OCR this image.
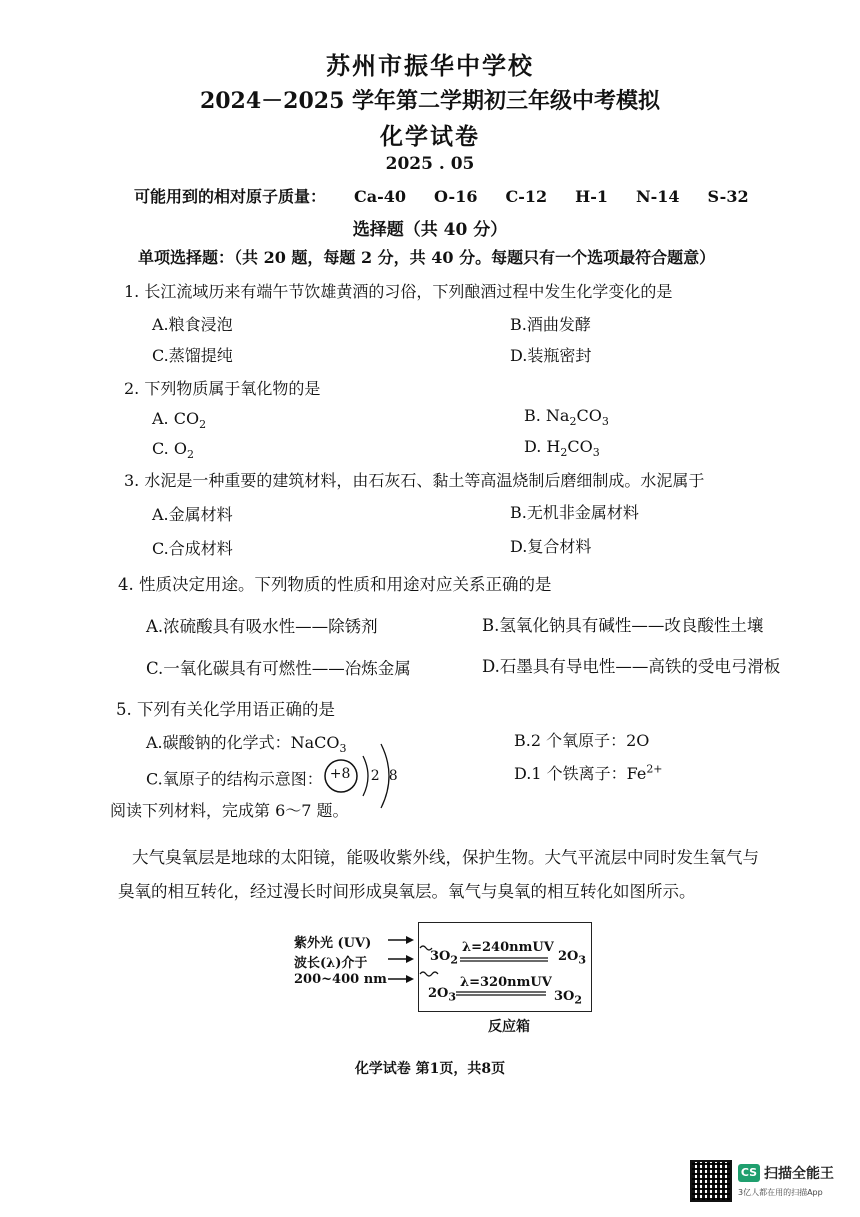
苏州市振华中学校
2024－2025 学年第二学期初三年级中考模拟
化学试卷
2025 . 05
可能用到的相对原子质量： Ca-40 O-16 C-12 H-1 N-14 S-32
选择题（共 40 分）
单项选择题：（共 20 题，每题 2 分，共 40 分。每题只有一个选项最符合题意）
1. 长江流域历来有端午节饮雄黄酒的习俗，下列酿酒过程中发生化学变化的是
A.粮食浸泡	B.酒曲发酵
C.蒸馏提纯	D.装瓶密封
2. 下列物质属于氧化物的是
A. $CO_2$	B. $Na_2CO_3$
C. $O_2$	D. $H_2CO_3$
3. 水泥是一种重要的建筑材料，由石灰石、黏土等高温烧制后磨细制成。水泥属于
A.金属材料	B.无机非金属材料
C.合成材料	D.复合材料
4. 性质决定用途。下列物质的性质和用途对应关系正确的是
A.浓硫酸具有吸水性——除锈剂	B.氢氧化钠具有碱性——改良酸性土壤
C.一氧化碳具有可燃性——冶炼金属	D.石墨具有导电性——高铁的受电弓滑板
5. 下列有关化学用语正确的是
A.碳酸钠的化学式：NaCO$_3$	B.2 个氧原子：2O
C.氧原子的结构示意图： +8 2 8	D.1 个铁离子：$Fe^{2+}$
阅读下列材料，完成第 6～7 题。
大气臭氧层是地球的太阳镜，能吸收紫外线，保护生物。大气平流层中同时发生氧气与
臭氧的相互转化，经过漫长时间形成臭氧层。氧气与臭氧的相互转化如图所示。
紫外光 (UV)
波长(λ)介于
200~400 nm
$3O_2$
λ=240nmUV
$2O_3$
$2O_3$
λ=320nmUV
$3O_2$
反应箱
化学试卷 第1页，共8页
CS 扫描全能王
3亿人都在用的扫描App
